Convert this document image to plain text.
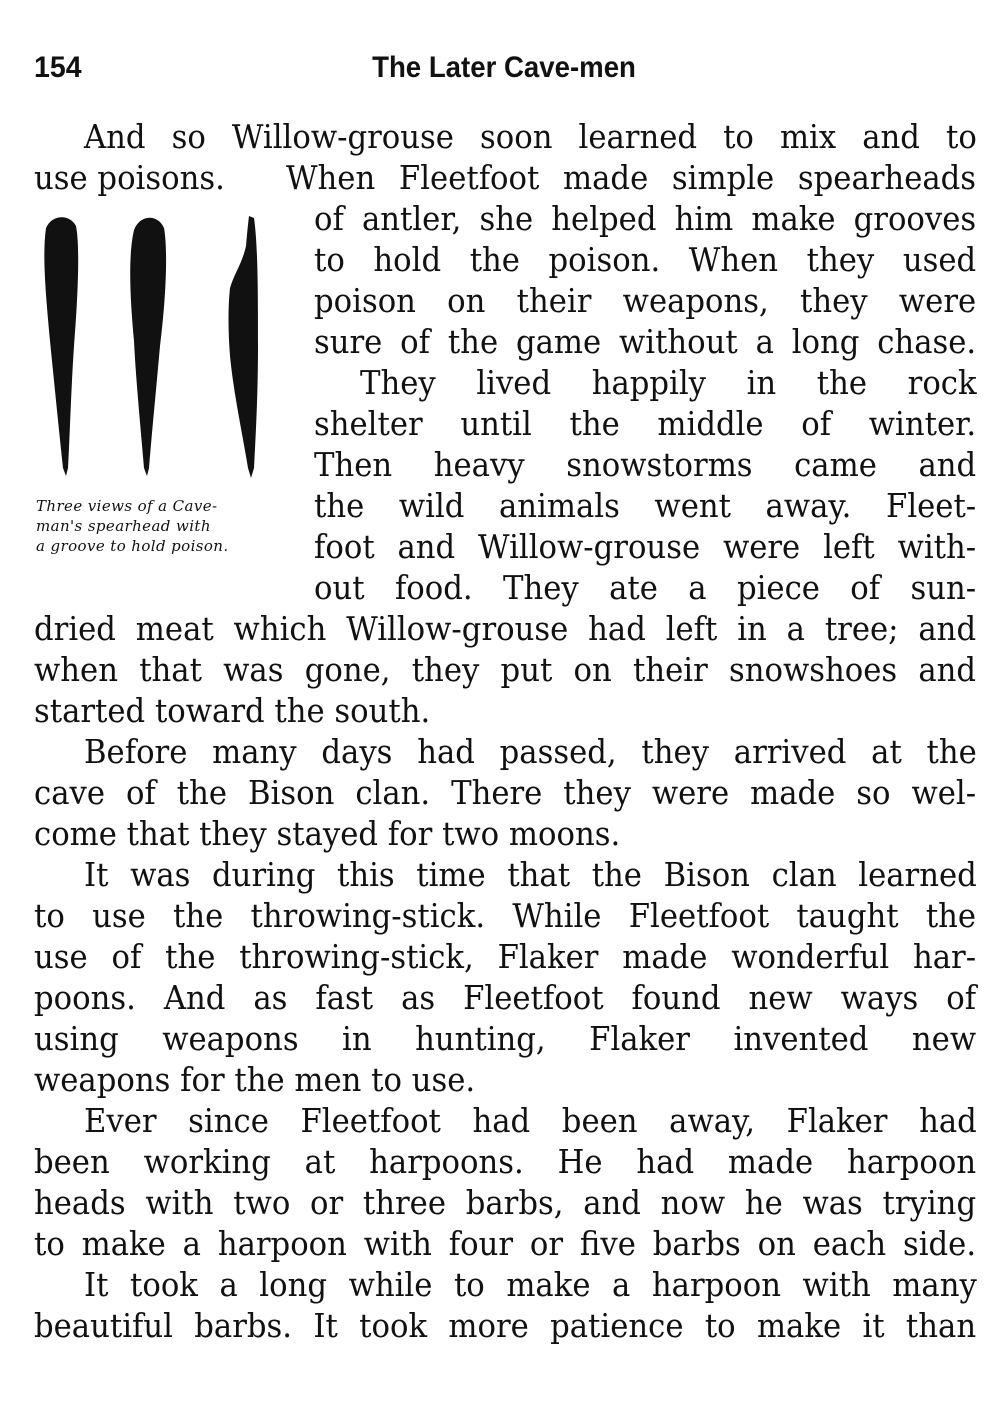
154	The Later Cave-men
Three views of a Cave-
man's spearhead with
a groove to hold poison.
And so Willow-grouse soon learned to mix and to
use poisons.	When Fleetfoot made simple spearheads
of antler, she helped him make grooves
to hold the poison. When they used
poison on their weapons, they were
sure of the game without a long chase.
They lived happily in the rock
shelter until the middle of winter.
Then heavy snowstorms came and
the wild animals went away. Fleet-
foot and Willow-grouse were left with-
out food. They ate a piece of sun-
dried meat which Willow-grouse had left in a tree; and
when that was gone, they put on their snowshoes and
started toward the south.
Before many days had passed, they arrived at the
cave of the Bison clan. There they were made so wel-
come that they stayed for two moons.
It was during this time that the Bison clan learned
to use the throwing-stick. While Fleetfoot taught the
use of the throwing-stick, Flaker made wonderful har-
poons. And as fast as Fleetfoot found new ways of
using weapons in hunting, Flaker invented new
weapons for the men to use.
Ever since Fleetfoot had been away, Flaker had
been working at harpoons. He had made harpoon
heads with two or three barbs, and now he was trying
to make a harpoon with four or five barbs on each side.
It took a long while to make a harpoon with many
beautiful barbs. It took more patience to make it than
